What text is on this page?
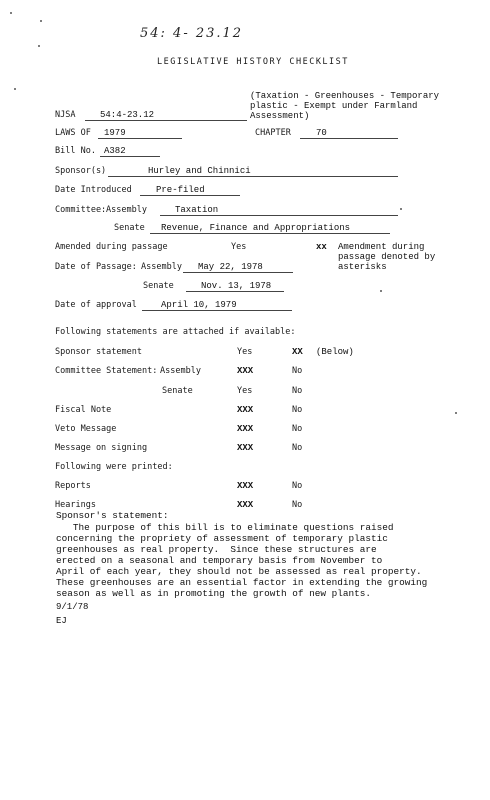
54: 4- 23.12
LEGISLATIVE HISTORY CHECKLIST
(Taxation - Greenhouses - Temporary
plastic - Exempt under Farmland
Assessment)
NJSA	54:4-23.12
LAWS OF 1979	CHAPTER	70
Bill No. A382
Sponsor(s)	Hurley and Chinnici
Date Introduced	Pre-filed
Committee: Assembly	Taxation
Senate Revenue, Finance and Appropriations
Amended during passage	Yes	xx Amendment during
passage denoted by
asterisks
Date of Passage: Assembly May 22, 1978
Senate	Nov. 13, 1978
Date of approval	April 10, 1979
Following statements are attached if available:
Sponsor statement	Yes	XX (Below)
Committee Statement: Assembly	XXX	No
Senate	Yes	No
Fiscal Note	XXX	No
Veto Message	XXX	No
Message on signing	XXX	No
Following were printed:
Reports	XXX	No
Hearings	XXX	No
Sponsor's statement:

The purpose of this bill is to eliminate questions raised

concerning the propriety of assessment of temporary plastic

greenhouses as real property.  Since these structures are

erected on a seasonal and temporary basis from November to

April of each year, they should not be assessed as real property.

These greenhouses are an essential factor in extending the growing

season as well as in promoting the growth of new plants.

9/1/78
EJ
